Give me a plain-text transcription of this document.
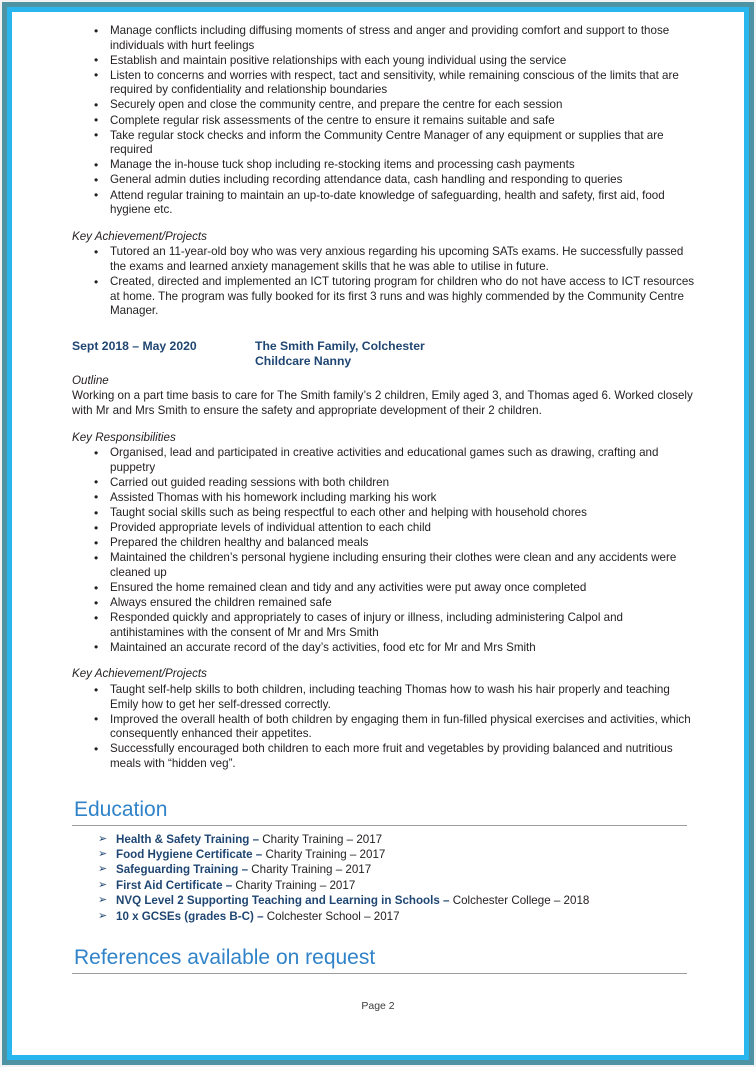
• Manage conflicts including diffusing moments of stress and anger and providing comfort and support to those individuals with hurt feelings
• Establish and maintain positive relationships with each young individual using the service
• Listen to concerns and worries with respect, tact and sensitivity, while remaining conscious of the limits that are required by confidentiality and relationship boundaries
• Securely open and close the community centre, and prepare the centre for each session
• Complete regular risk assessments of the centre to ensure it remains suitable and safe
• Take regular stock checks and inform the Community Centre Manager of any equipment or supplies that are required
• Manage the in-house tuck shop including re-stocking items and processing cash payments
• General admin duties including recording attendance data, cash handling and responding to queries
• Attend regular training to maintain an up-to-date knowledge of safeguarding, health and safety, first aid, food hygiene etc.
Key Achievement/Projects
• Tutored an 11-year-old boy who was very anxious regarding his upcoming SATs exams. He successfully passed the exams and learned anxiety management skills that he was able to utilise in future.
• Created, directed and implemented an ICT tutoring program for children who do not have access to ICT resources at home. The program was fully booked for its first 3 runs and was highly commended by the Community Centre Manager.
Sept 2018 – May 2020	The Smith Family, Colchester
Childcare Nanny
Outline

Working on a part time basis to care for The Smith family’s 2 children, Emily aged 3, and Thomas aged 6. Worked closely with Mr and Mrs Smith to ensure the safety and appropriate development of their 2 children.

Key Responsibilities
• Organised, lead and participated in creative activities and educational games such as drawing, crafting and puppetry
• Carried out guided reading sessions with both children
• Assisted Thomas with his homework including marking his work
• Taught social skills such as being respectful to each other and helping with household chores
• Provided appropriate levels of individual attention to each child
• Prepared the children healthy and balanced meals
• Maintained the children’s personal hygiene including ensuring their clothes were clean and any accidents were cleaned up
• Ensured the home remained clean and tidy and any activities were put away once completed
• Always ensured the children remained safe
• Responded quickly and appropriately to cases of injury or illness, including administering Calpol and antihistamines with the consent of Mr and Mrs Smith
• Maintained an accurate record of the day’s activities, food etc for Mr and Mrs Smith
Key Achievement/Projects
• Taught self-help skills to both children, including teaching Thomas how to wash his hair properly and teaching Emily how to get her self-dressed correctly.
• Improved the overall health of both children by engaging them in fun-filled physical exercises and activities, which consequently enhanced their appetites.
• Successfully encouraged both children to each more fruit and vegetables by providing balanced and nutritious meals with “hidden veg”.
Education
➢ Health & Safety Training – Charity Training – 2017
➢ Food Hygiene Certificate – Charity Training – 2017
➢ Safeguarding Training – Charity Training – 2017
➢ First Aid Certificate – Charity Training – 2017
➢ NVQ Level 2 Supporting Teaching and Learning in Schools – Colchester College – 2018
➢ 10 x GCSEs (grades B-C) – Colchester School – 2017
References available on request
Page 2
